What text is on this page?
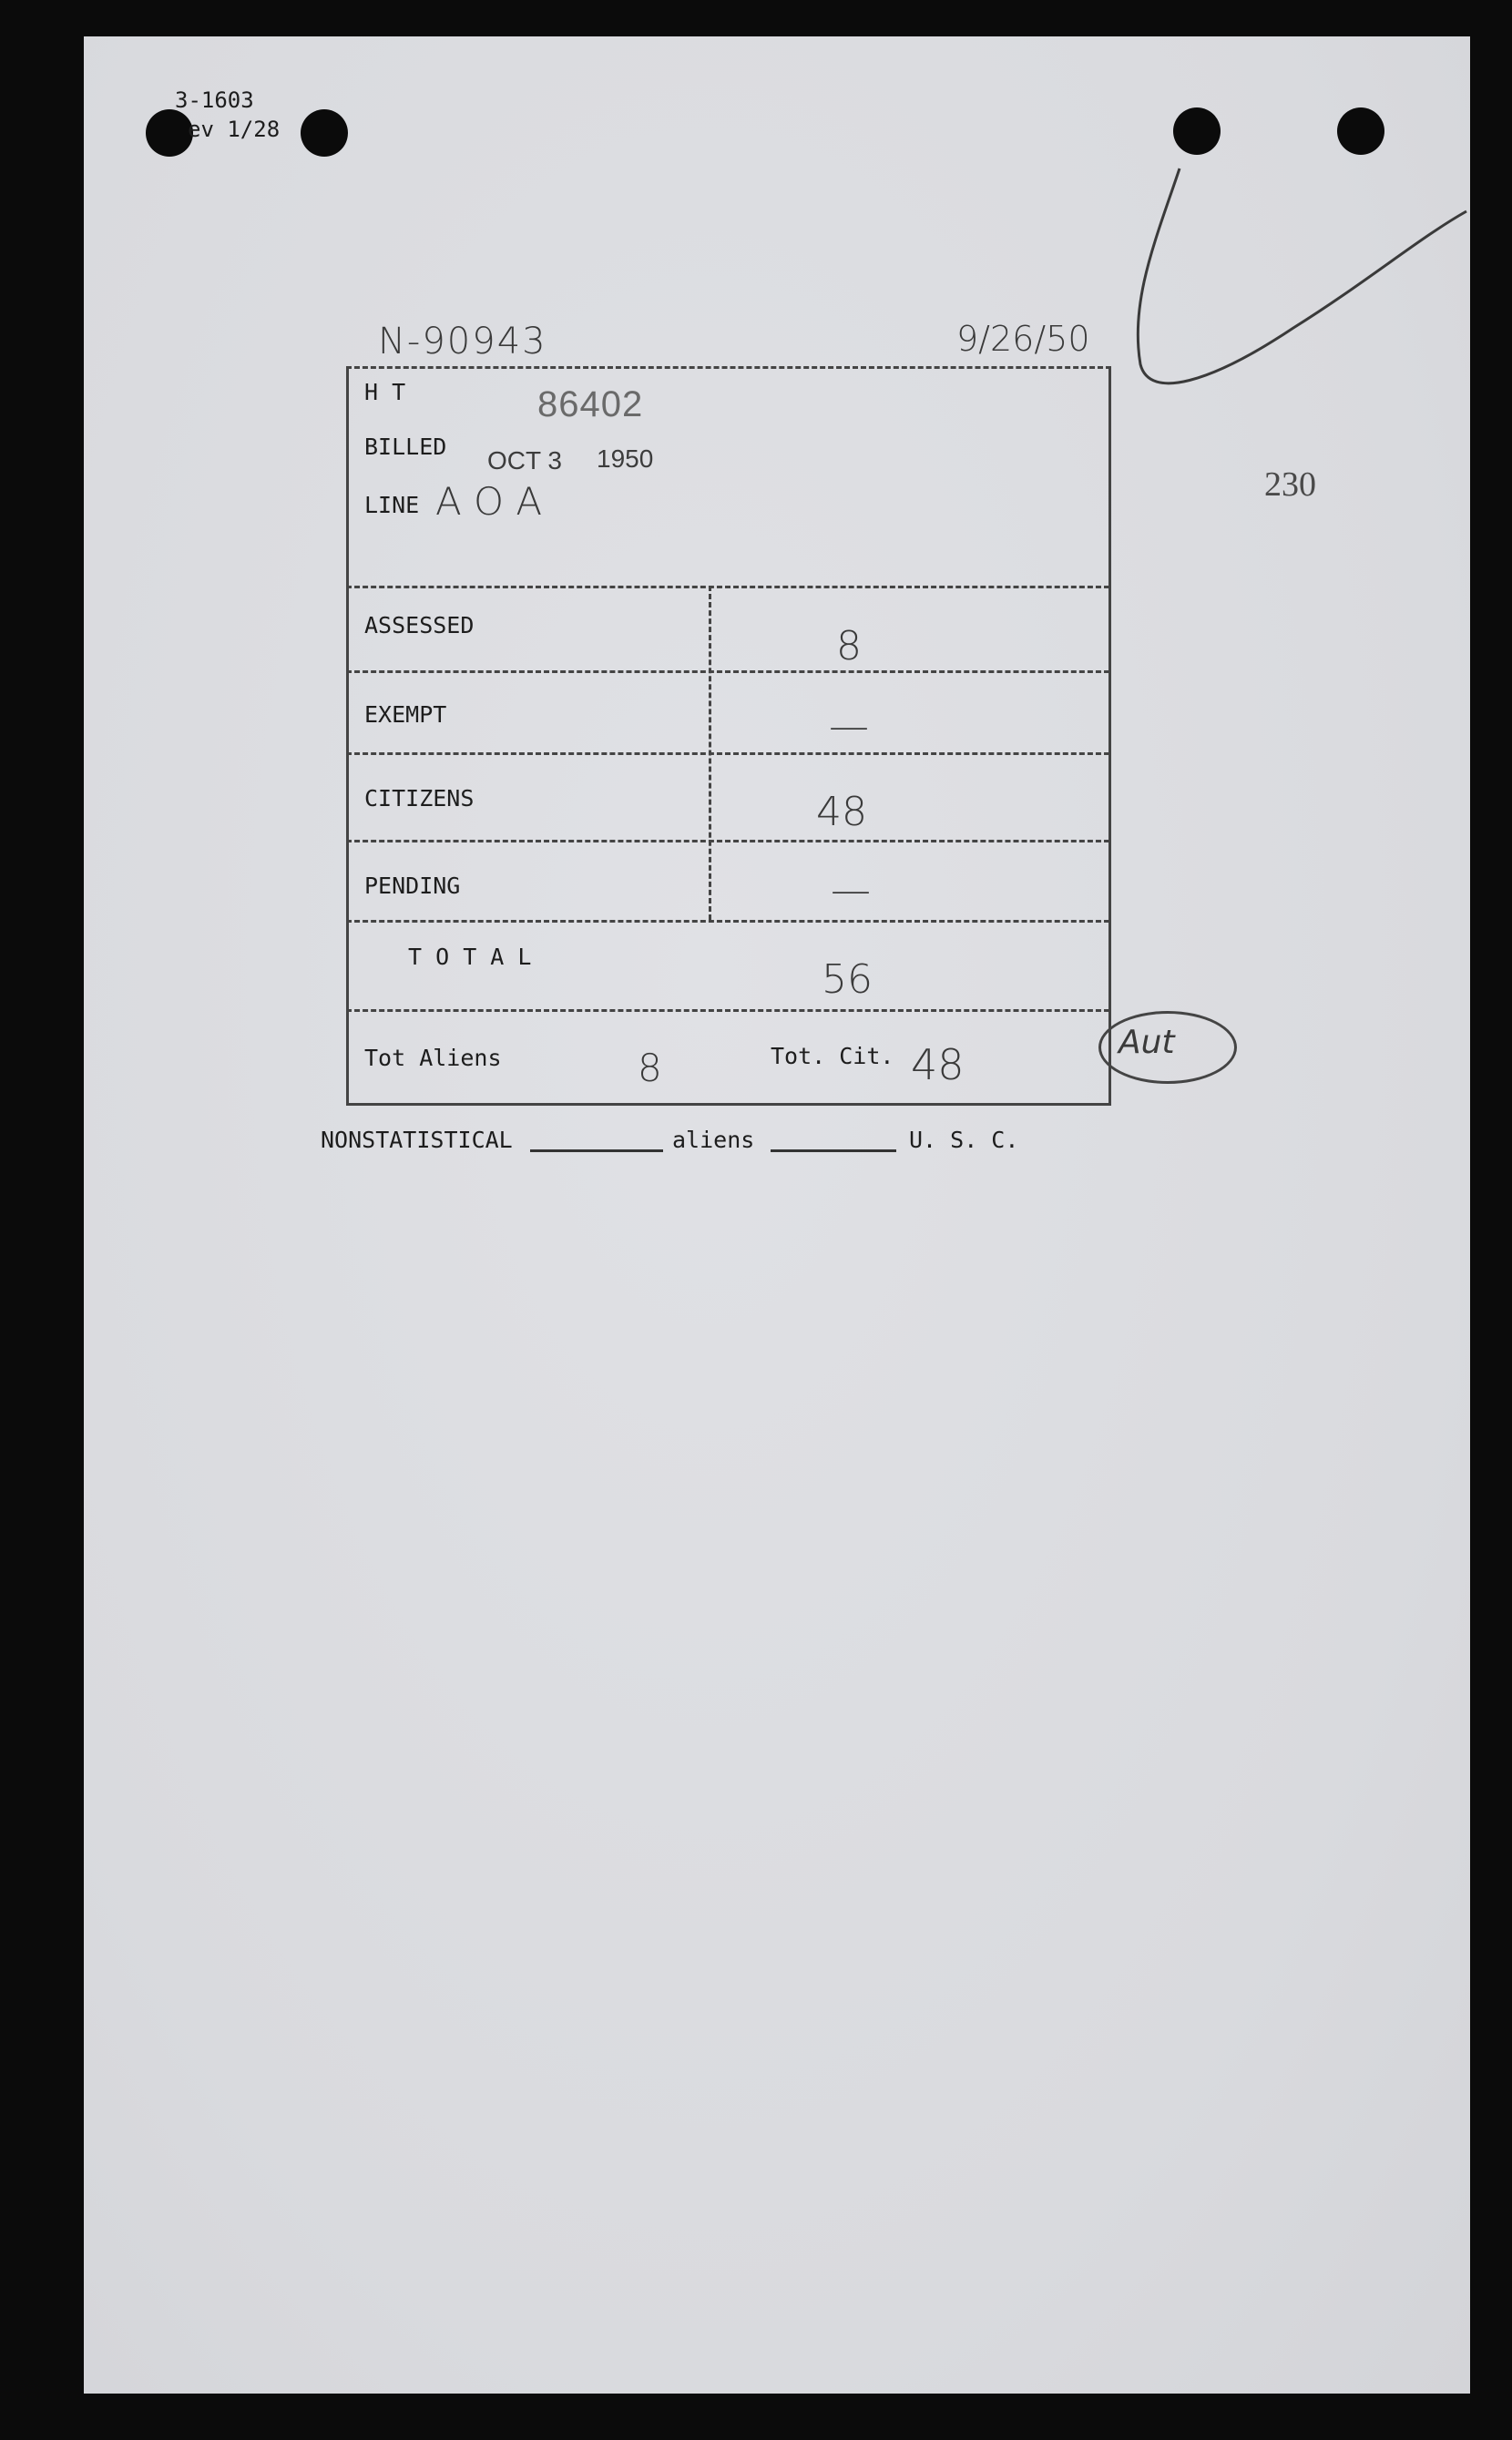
3-1603
ev 1/28
N-90943	9/26/50
230
H T	86402
BILLED OCT 3 1950
LINE AOA
ASSESSED	8
EXEMPT	—
CITIZENS	48
PENDING	—
T O T A L	56
Tot Aliens	8	Tot. Cit. 48	Aut
NONSTATISTICAL	aliens	U. S. C.
